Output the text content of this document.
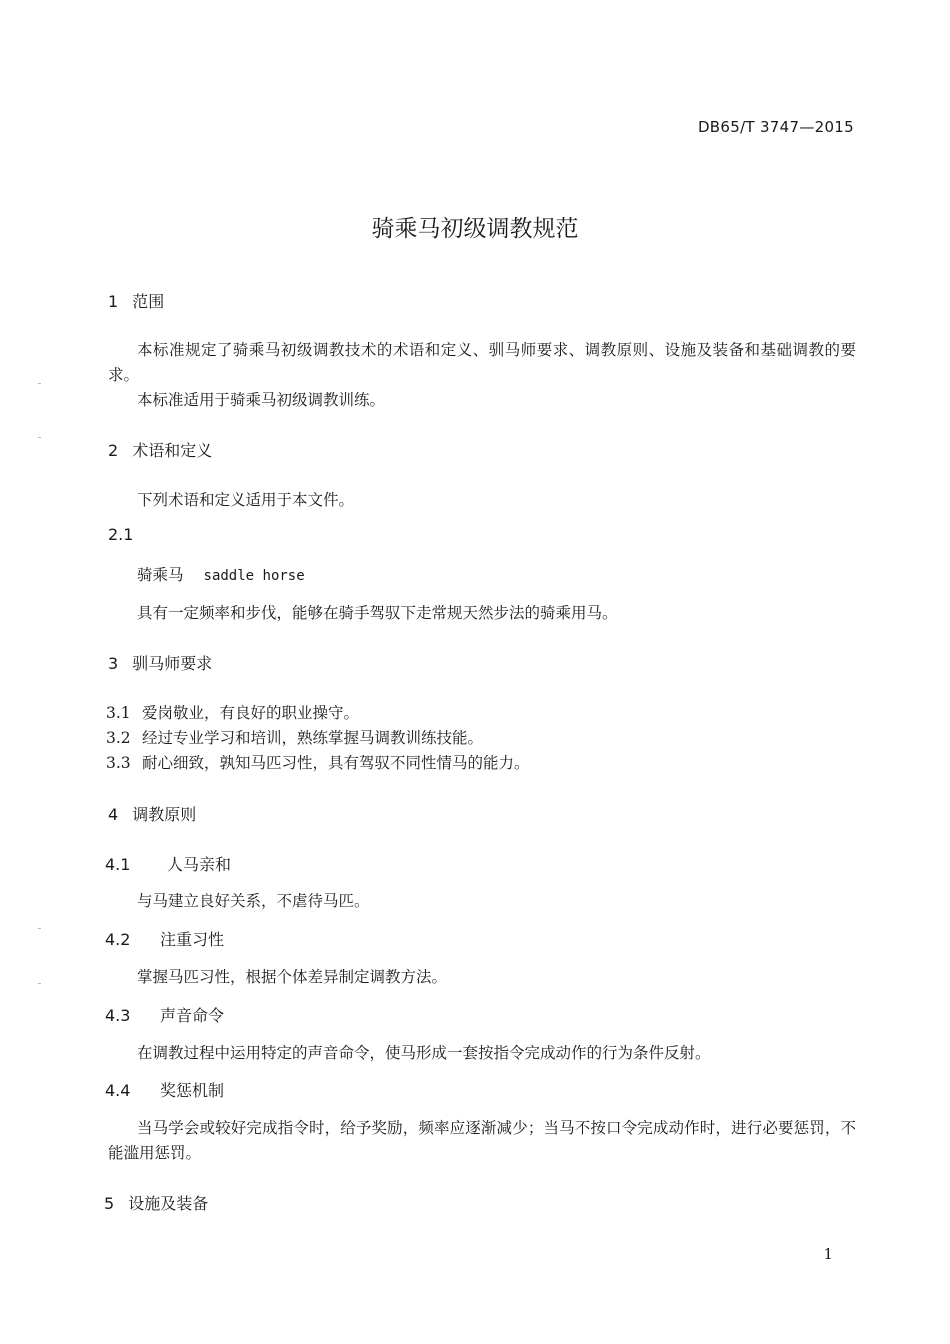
DB65/T 3747—2015
骑乘马初级调教规范
1 范围
本标准规定了骑乘马初级调教技术的术语和定义、驯马师要求、调教原则、设施及装备和基础调教的要求。
本标准适用于骑乘马初级调教训练。
2 术语和定义
下列术语和定义适用于本文件。
2.1
骑乘马 saddle horse
具有一定频率和步伐，能够在骑手驾驭下走常规天然步法的骑乘用马。
3 驯马师要求
3.1 爱岗敬业，有良好的职业操守。
3.2 经过专业学习和培训，熟练掌握马调教训练技能。
3.3 耐心细致，孰知马匹习性，具有驾驭不同性情马的能力。
4 调教原则
4.1 人马亲和
与马建立良好关系，不虐待马匹。
4.2 注重习性
掌握马匹习性，根据个体差异制定调教方法。
4.3 声音命令
在调教过程中运用特定的声音命令，使马形成一套按指令完成动作的行为条件反射。
4.4 奖惩机制
当马学会或较好完成指令时，给予奖励，频率应逐渐减少；当马不按口令完成动作时，进行必要惩罚，不能滥用惩罚。
5 设施及装备
1
